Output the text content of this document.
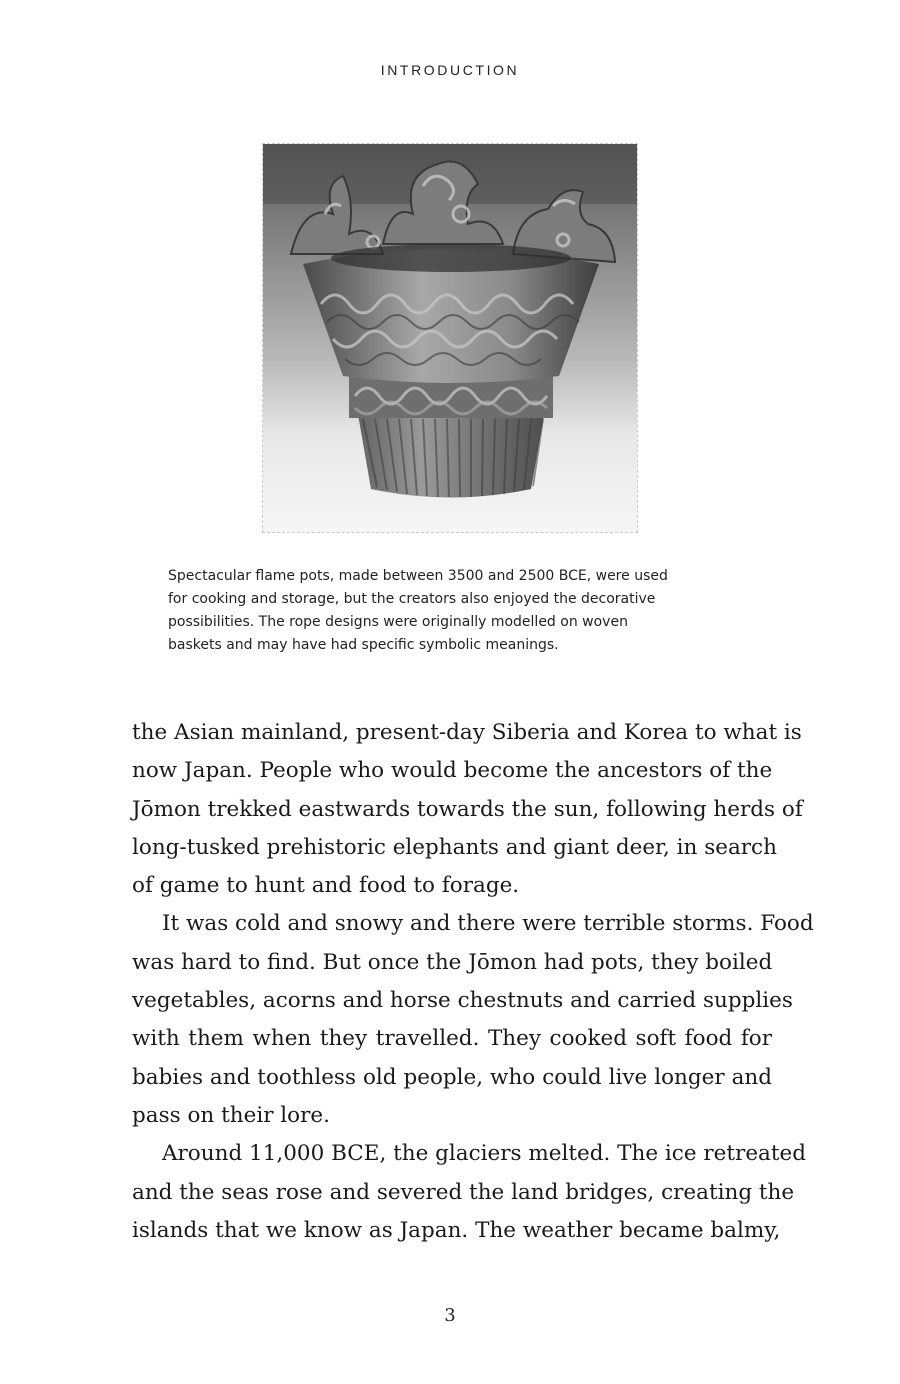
INTRODUCTION
Spectacular flame pots, made between 3500 and 2500 BCE, were used
for cooking and storage, but the creators also enjoyed the decorative
possibilities. The rope designs were originally modelled on woven
baskets and may have had specific symbolic meanings.
the Asian mainland, present-day Siberia and Korea to what is
now Japan. People who would become the ancestors of the
Jōmon trekked eastwards towards the sun, following herds of
long-tusked prehistoric elephants and giant deer, in search
of game to hunt and food to forage.
It was cold and snowy and there were terrible storms. Food
was hard to find. But once the Jōmon had pots, they boiled
vegetables, acorns and horse chestnuts and carried supplies
with them when they travelled. They cooked soft food for
babies and toothless old people, who could live longer and
pass on their lore.
Around 11,000 BCE, the glaciers melted. The ice retreated
and the seas rose and severed the land bridges, creating the
islands that we know as Japan. The weather became balmy,
3
